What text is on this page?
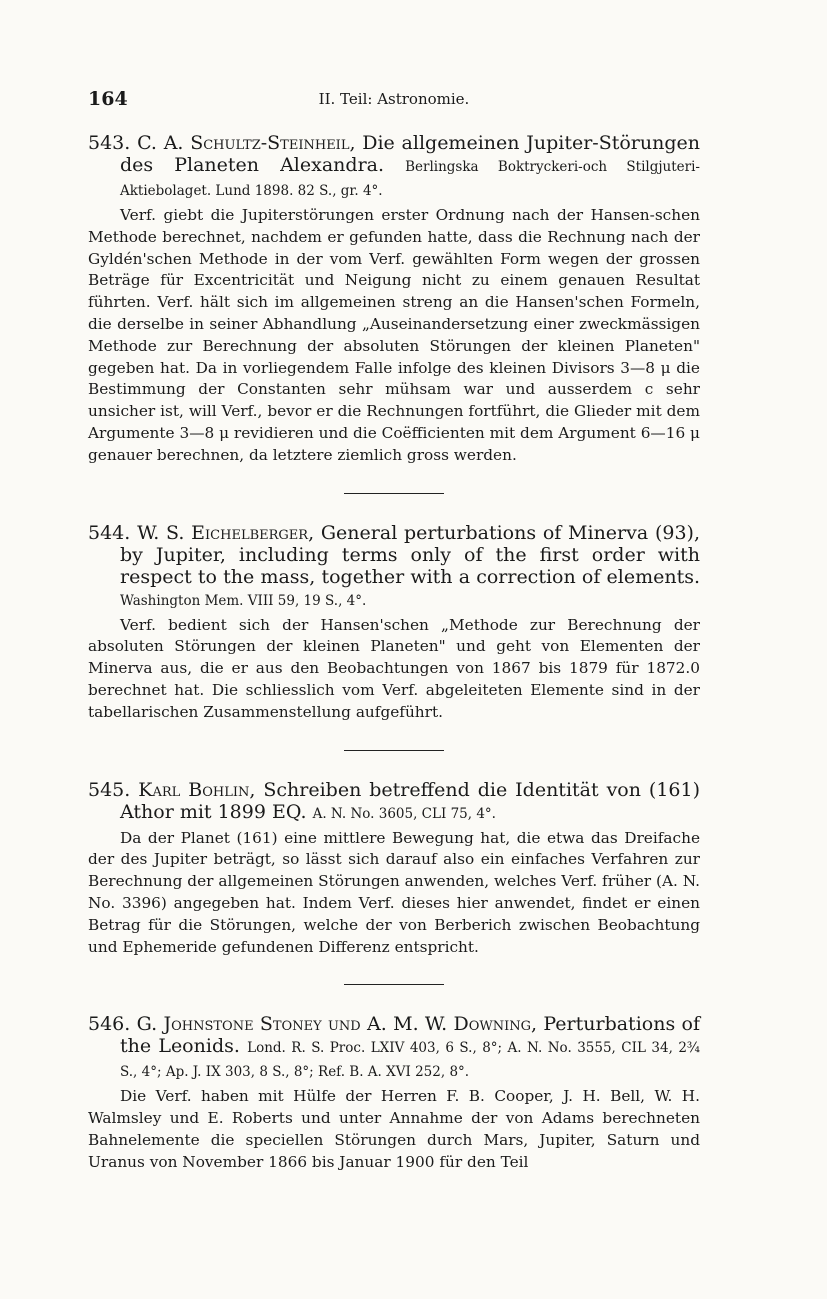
164	II. Teil: Astronomie.

543. C. A. Schultz-Steinheil, Die allgemeinen Jupiter-Störungen des Planeten Alexandra. Berlingska Boktryckeri-och Stilgjuteri-Aktiebolaget. Lund 1898. 82 S., gr. 4°.

Verf. giebt die Jupiterstörungen erster Ordnung nach der Hansen-schen Methode berechnet, nachdem er gefunden hatte, dass die Rechnung nach der Gyldén'schen Methode in der vom Verf. gewählten Form wegen der grossen Beträge für Excentricität und Neigung nicht zu einem genauen Resultat führten. Verf. hält sich im allgemeinen streng an die Hansen'schen Formeln, die derselbe in seiner Abhandlung „Auseinandersetzung einer zweckmässigen Methode zur Berechnung der absoluten Störungen der kleinen Planeten" gegeben hat. Da in vorliegendem Falle infolge des kleinen Divisors 3—8 μ die Bestimmung der Constanten sehr mühsam war und ausserdem c sehr unsicher ist, will Verf., bevor er die Rechnungen fortführt, die Glieder mit dem Argumente 3—8 μ revidieren und die Coëfficienten mit dem Argument 6—16 μ genauer berechnen, da letztere ziemlich gross werden.

544. W. S. Eichelberger, General perturbations of Minerva (93), by Jupiter, including terms only of the first order with respect to the mass, together with a correction of elements. Washington Mem. VIII 59, 19 S., 4°.

Verf. bedient sich der Hansen'schen „Methode zur Berechnung der absoluten Störungen der kleinen Planeten" und geht von Elementen der Minerva aus, die er aus den Beobachtungen von 1867 bis 1879 für 1872.0 berechnet hat. Die schliesslich vom Verf. abgeleiteten Elemente sind in der tabellarischen Zusammenstellung aufgeführt.

545. Karl Bohlin, Schreiben betreffend die Identität von (161) Athor mit 1899 EQ. A. N. No. 3605, CLI 75, 4°.

Da der Planet (161) eine mittlere Bewegung hat, die etwa das Dreifache der des Jupiter beträgt, so lässt sich darauf also ein einfaches Verfahren zur Berechnung der allgemeinen Störungen anwenden, welches Verf. früher (A. N. No. 3396) angegeben hat. Indem Verf. dieses hier anwendet, findet er einen Betrag für die Störungen, welche der von Berberich zwischen Beobachtung und Ephemeride gefundenen Differenz entspricht.

546. G. Johnstone Stoney und A. M. W. Downing, Perturbations of the Leonids. Lond. R. S. Proc. LXIV 403, 6 S., 8°; A. N. No. 3555, CIL 34, 2¾ S., 4°; Ap. J. IX 303, 8 S., 8°; Ref. B. A. XVI 252, 8°.

Die Verf. haben mit Hülfe der Herren F. B. Cooper, J. H. Bell, W. H. Walmsley und E. Roberts und unter Annahme der von Adams berechneten Bahnelemente die speciellen Störungen durch Mars, Jupiter, Saturn und Uranus von November 1866 bis Januar 1900 für den Teil
